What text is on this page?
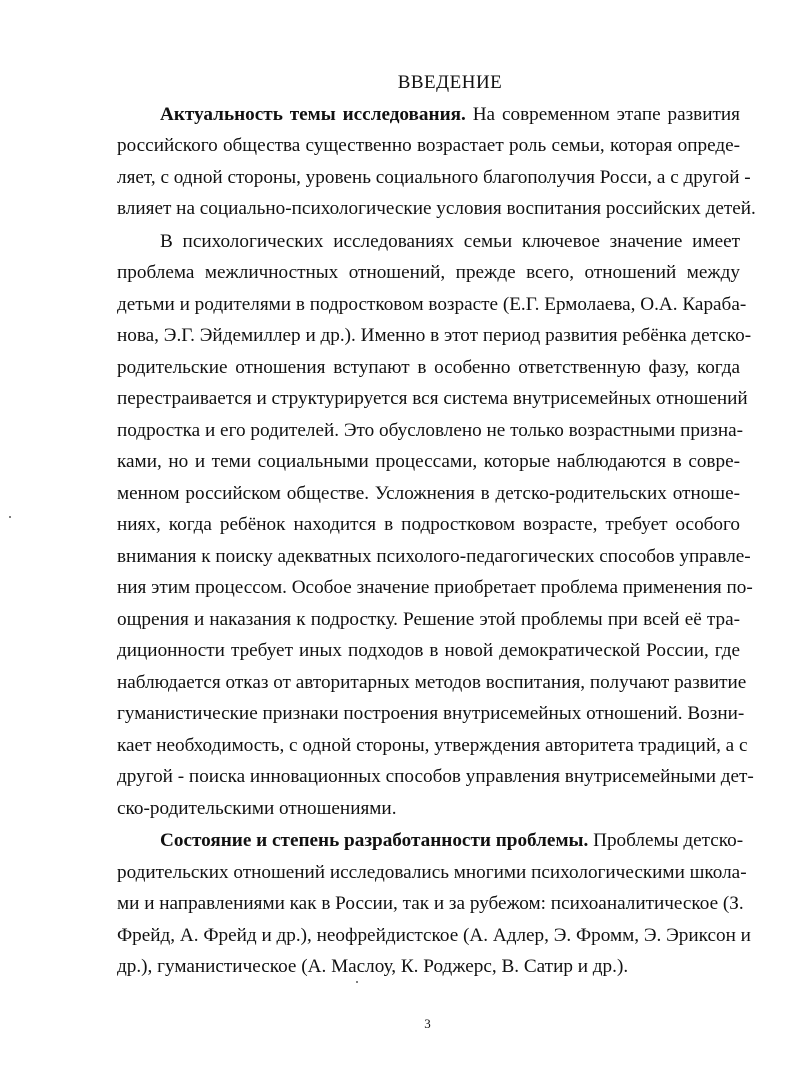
ВВЕДЕНИЕ
Актуальность темы исследования. На современном этапе развития
российского общества существенно возрастает роль семьи, которая опреде-
ляет, с одной стороны, уровень социального благополучия Росси, а с другой -
влияет на социально-психологические условия воспитания российских детей.
В психологических исследованиях семьи ключевое значение имеет
проблема межличностных отношений, прежде всего, отношений между
детьми и родителями в подростковом возрасте (Е.Г. Ермолаева, О.А. Караба-
нова, Э.Г. Эйдемиллер и др.). Именно в этот период развития ребёнка детско-
родительские отношения вступают в особенно ответственную фазу, когда
перестраивается и структурируется вся система внутрисемейных отношений
подростка и его родителей. Это обусловлено не только возрастными призна-
ками, но и теми социальными процессами, которые наблюдаются в совре-
менном российском обществе. Усложнения в детско-родительских отноше-
ниях, когда ребёнок находится в подростковом возрасте, требует особого
внимания к поиску адекватных психолого-педагогических способов управле-
ния этим процессом. Особое значение приобретает проблема применения по-
ощрения и наказания к подростку. Решение этой проблемы при всей её тра-
диционности требует иных подходов в новой демократической России, где
наблюдается отказ от авторитарных методов воспитания, получают развитие
гуманистические признаки построения внутрисемейных отношений. Возни-
кает необходимость, с одной стороны, утверждения авторитета традиций, а с
другой - поиска инновационных способов управления внутрисемейными дет-
ско-родительскими отношениями.
Состояние и степень разработанности проблемы. Проблемы детско-
родительских отношений исследовались многими психологическими школа-
ми и направлениями как в России, так и за рубежом: психоаналитическое (З.
Фрейд, А. Фрейд и др.), неофрейдистское (А. Адлер, Э. Фромм, Э. Эриксон и
др.), гуманистическое (А. Маслоу, К. Роджерс, В. Сатир и др.).
3
